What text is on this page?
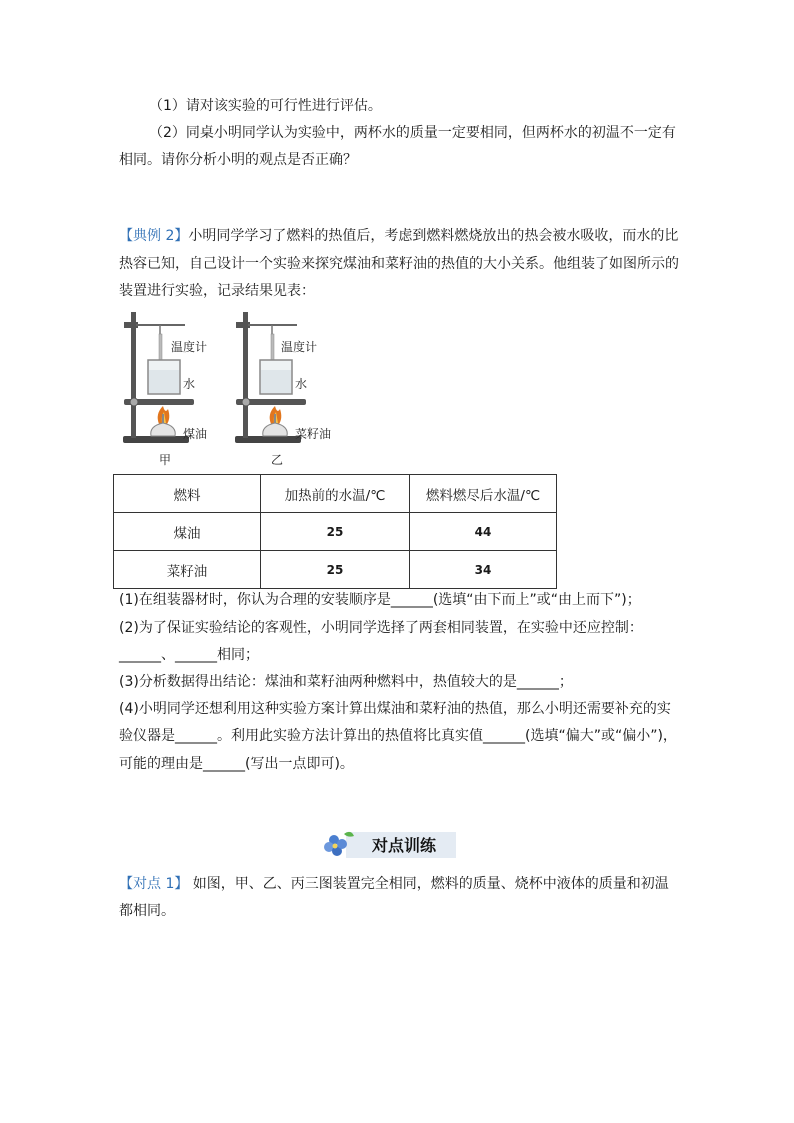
（1）请对该实验的可行性进行评估。
（2）同桌小明同学认为实验中，两杯水的质量一定要相同，但两杯水的初温不一定有
相同。请你分析小明的观点是否正确？
【典例 2】小明同学学习了燃料的热值后，考虑到燃料燃烧放出的热会被水吸收，而水的比
热容已知，自己设计一个实验来探究煤油和菜籽油的热值的大小关系。他组装了如图所示的
装置进行实验，记录结果见表：
温度计
水
煤油
甲
温度计
水
菜籽油
乙
燃料	加热前的水温/℃	燃料燃尽后水温/℃
煤油	25	44
菜籽油	25	34
(1)在组装器材时，你认为合理的安装顺序是______(选填“由下而上”或“由上而下”)；
(2)为了保证实验结论的客观性，小明同学选择了两套相同装置，在实验中还应控制：
______、______相同；
(3)分析数据得出结论：煤油和菜籽油两种燃料中，热值较大的是______；
(4)小明同学还想利用这种实验方案计算出煤油和菜籽油的热值，那么小明还需要补充的实
验仪器是______。利用此实验方法计算出的热值将比真实值______(选填“偏大”或“偏小”)，
可能的理由是______(写出一点即可)。
对点训练
【对点 1】 如图，甲、乙、丙三图装置完全相同，燃料的质量、烧杯中液体的质量和初温
都相同。
